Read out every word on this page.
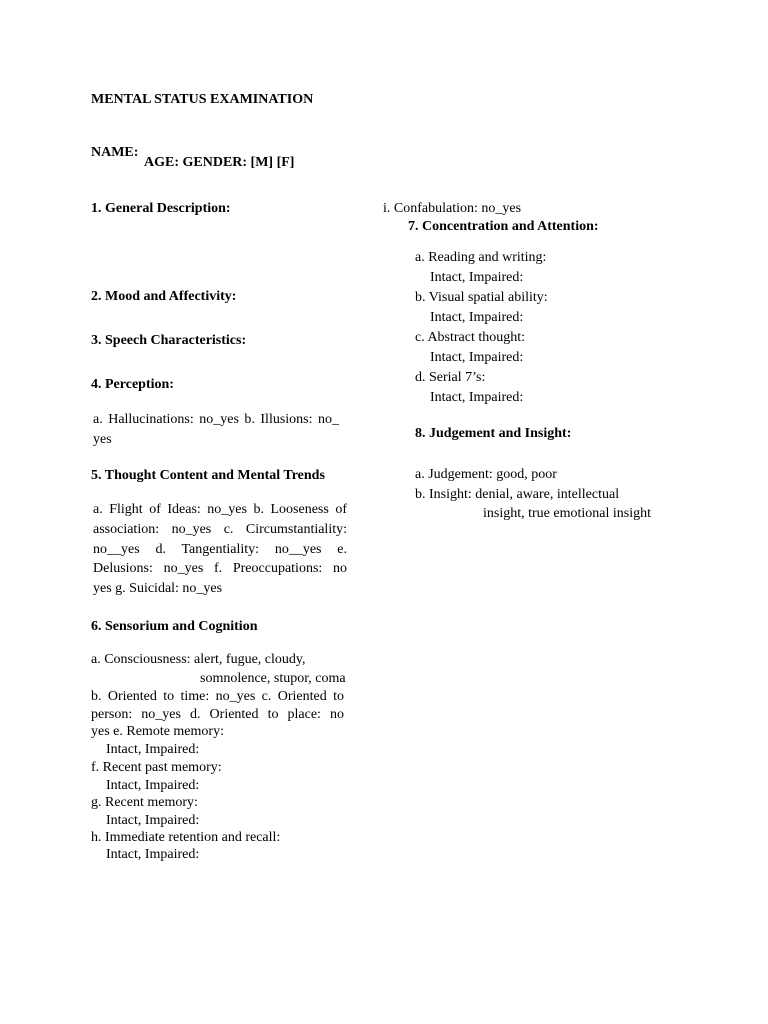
MENTAL STATUS EXAMINATION
NAME:
AGE: GENDER: [M] [F]
1. General Description:
2. Mood and Affectivity:
3. Speech Characteristics:
4. Perception:
a. Hallucinations: no_yes b. Illusions: no_
yes
5. Thought Content and Mental Trends
a. Flight of Ideas: no_yes b. Looseness of
association: no_yes c. Circumstantiality:
no__yes d. Tangentiality: no__yes e.
Delusions: no_yes f. Preoccupations: no
yes g. Suicidal: no_yes
6. Sensorium and Cognition
a. Consciousness: alert, fugue, cloudy,
somnolence, stupor, coma
b. Oriented to time: no_yes c. Oriented to
person: no_yes d. Oriented to place: no
yes e. Remote memory:
Intact, Impaired:
f. Recent past memory:
Intact, Impaired:
g. Recent memory:
Intact, Impaired:
h. Immediate retention and recall:
Intact, Impaired:
i. Confabulation: no_yes
7. Concentration and Attention:
a. Reading and writing:
Intact, Impaired:
b. Visual spatial ability:
Intact, Impaired:
c. Abstract thought:
Intact, Impaired:
d. Serial 7’s:
Intact, Impaired:
8. Judgement and Insight:
a. Judgement: good, poor
b. Insight: denial, aware, intellectual
insight, true emotional insight
